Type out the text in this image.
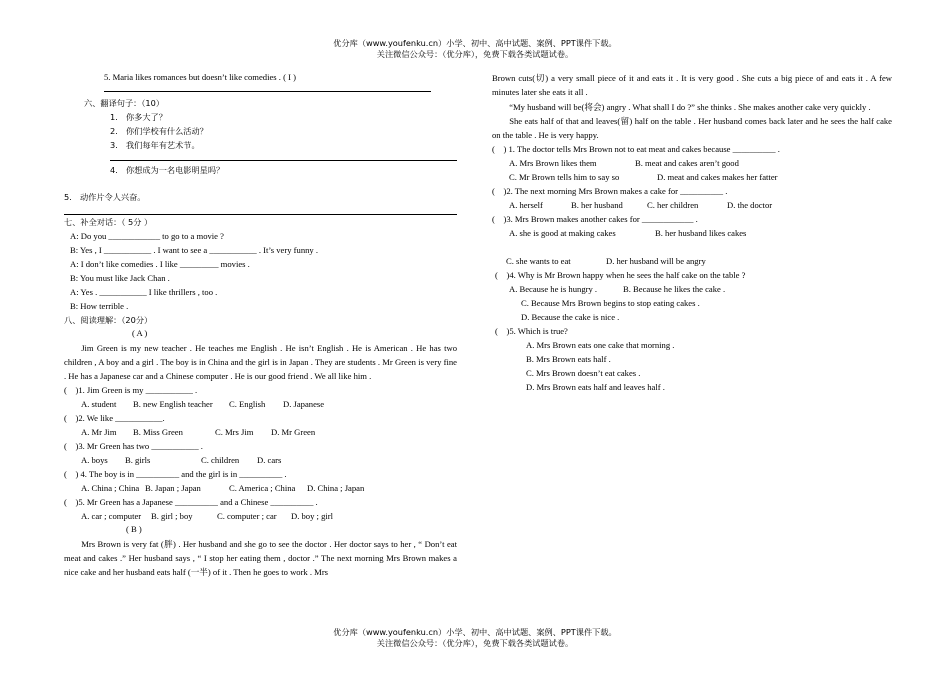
优分库（www.youfenku.cn）小学、初中、高中试题、案例、PPT课件下载。
关注微信公众号：（优分库），免费下载各类试题试卷。
优分库（www.youfenku.cn）小学、初中、高中试题、案例、PPT课件下载。
关注微信公众号：（优分库），免费下载各类试题试卷。
5. Maria likes romances but doesn’t like comedies . ( I )
六、翻译句子：（10）
1.　你多大了？
2.　你们学校有什么活动？
3.　我们每年有艺术节。
4.　你想成为一名电影明星吗？
5.　动作片令人兴奋。
七、补全对话：（ 5分 ）
A: Do you ____________ to go to a movie ?
B: Yes , I ___________ . I want to see a ___________ . It’s very funny .
A: I don’t like comedies . I like _________ movies .
B: You must like Jack Chan .
A: Yes . ___________ I like thrillers , too .
B: How terrible .
八、阅读理解：（20分）
( A )

Jim Green is my new teacher . He teaches me English . He isn’t English . He is American . He has two children , A boy and a girl . The boy is in China and the girl is in Japan . They are students . Mr Green is very fine . He has a Japanese car and a Chinese computer . He is our good friend . We all like him .

(　)1. Jim Green is my ___________ .
A. student B. new English teacher C. English D. Japanese
(　)2. We like ___________.
A. Mr Jim B. Miss Green	C. Mrs Jim D. Mr Green
(　)3. Mr Green has two ___________ .
A. boys B. girls	C. children D. cars
(　) 4. The boy is in __________ and the girl is in __________ .
A. China ; China B. Japan ; Japan	C. America ; China D. China ; Japan
(　)5. Mr Green has a Japanese __________ and a Chinese __________ .
A. car ; computer B. girl ; boy	C. computer ; car D. boy ; girl
( B )

Mrs Brown is very fat (胖) . Her husband and she go to see the doctor . Her doctor says to her , “ Don’t eat meat and cakes .” Her husband says , “ I stop her eating them , doctor .” The next morning Mrs Brown makes a nice cake and her husband eats half (一半) of it . Then he goes to work . Mrs

Brown cuts(切) a very small piece of it and eats it . It is very good . She cuts a big piece of and eats it . A few minutes later she eats it all .

“My husband will be(将会) angry . What shall I do ?” she thinks . She makes another cake very quickly .

She eats half of that and leaves(留) half on the table . Her husband comes back later and he sees the half cake on the table . He is very happy.

(　) 1. The doctor tells Mrs Brown not to eat meat and cakes because __________ .
A. Mrs Brown likes them	B. meat and cakes aren’t good
C. Mr Brown tells him to say so	D. meat and cakes makes her fatter
(　)2. The next morning Mrs Brown makes a cake for __________ .
A. herself	B. her husband	C. her children	D. the doctor
(　)3. Mrs Brown makes another cakes for ____________ .
A. she is good at making cakes	B. her husband likes cakes
C. she wants to eat	D. her husband will be angry
(　)4. Why is Mr Brown happy when he sees the half cake on the table ?
A. Because he is hungry .	B. Because he likes the cake .
C. Because Mrs Brown begins to stop eating cakes .
D. Because the cake is nice .
(　)5. Which is true?
A. Mrs Brown eats one cake that morning .
B. Mrs Brown eats half .
C. Mrs Brown doesn’t eat cakes .
D. Mrs Brown eats half and leaves half .
